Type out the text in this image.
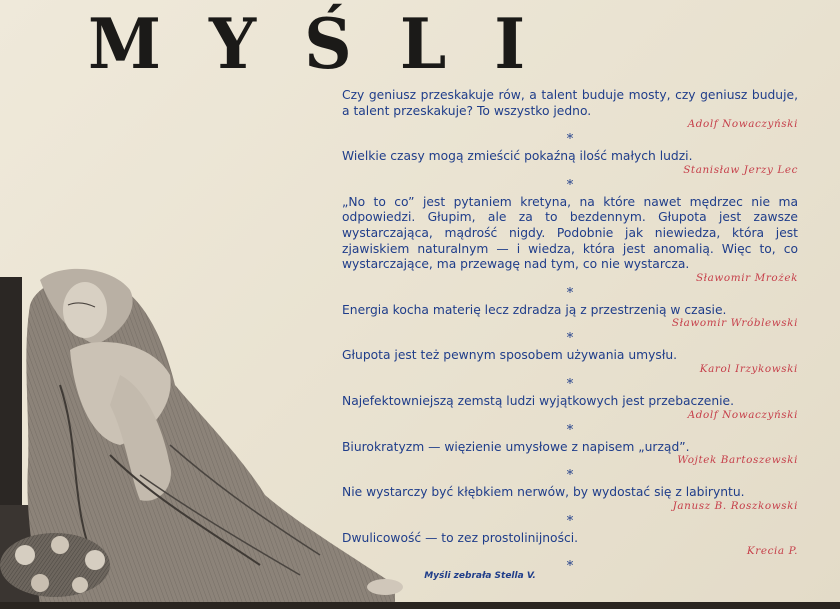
MYŚLI

Czy geniusz przeskakuje rów, a talent buduje mosty, czy geniusz buduje, a talent przeskakuje? To wszystko jedno.

Adolf Nowaczyński
*

Wielkie czasy mogą zmieścić pokaźną ilość małych ludzi.

Stanisław Jerzy Lec
*

„No to co” jest pytaniem kretyna, na które nawet mędrzec nie ma odpowiedzi. Głupim, ale za to bezdennym. Głupota jest zawsze wystarczająca, mądrość nigdy. Podobnie jak niewiedza, która jest zjawiskiem naturalnym — i wiedza, która jest anomalią. Więc to, co wystarczające, ma przewagę nad tym, co nie wystarcza.

Sławomir Mrożek
*

Energia kocha materię lecz zdradza ją z przestrzenią w czasie.

Sławomir Wróblewski
*

Głupota jest też pewnym sposobem używania umysłu.

Karol Irzykowski
*

Najefektowniejszą zemstą ludzi wyjątkowych jest przebaczenie.

Adolf Nowaczyński
*

Biurokratyzm — więzienie umysłowe z napisem „urząd”.

Wojtek Bartoszewski
*

Nie wystarczy być kłębkiem nerwów, by wydostać się z labiryntu.

Janusz B. Roszkowski
*

Dwulicowość — to zez prostolinijności.

Krecia P.
*
Myśli zebrała Stella V.
